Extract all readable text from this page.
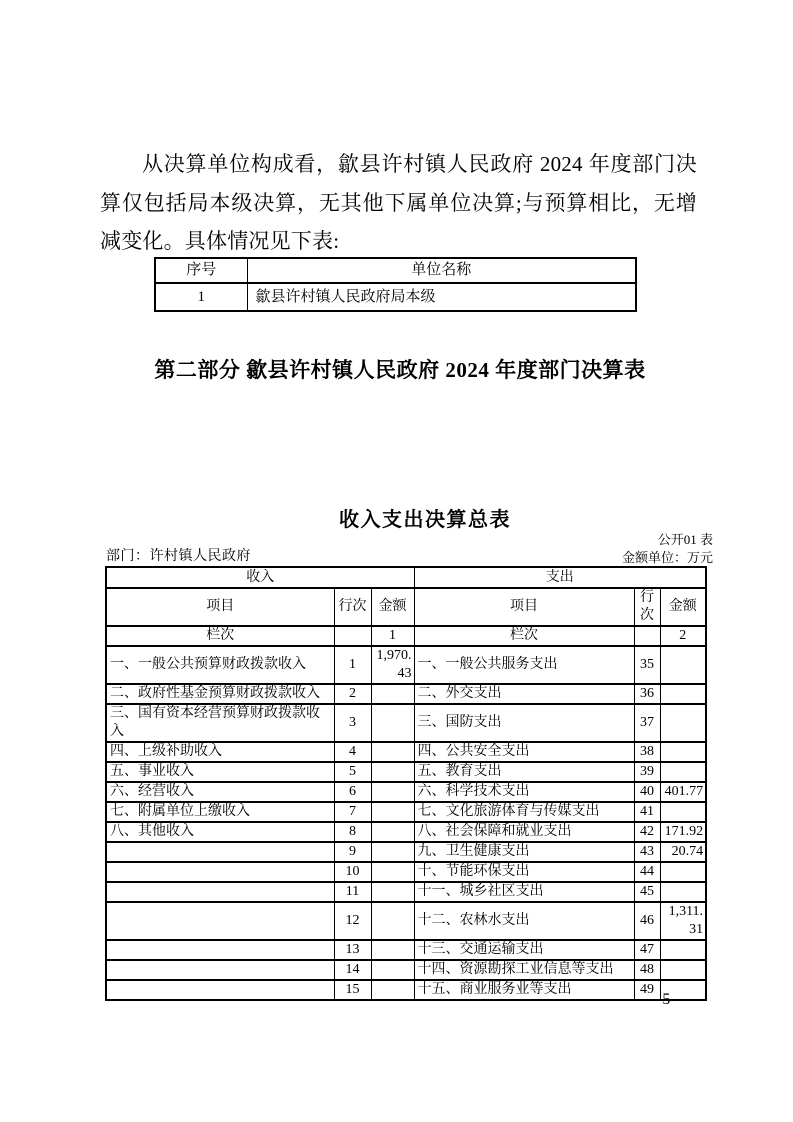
从决算单位构成看，歙县许村镇人民政府 2024 年度部门决算仅包括局本级决算，无其他下属单位决算;与预算相比，无增减变化。具体情况见下表:

序号	单位名称
1	歙县许村镇人民政府局本级
第二部分 歙县许村镇人民政府 2024 年度部门决算表
收入支出决算总表
公开01 表
金额单位：万元
部门：许村镇人民政府
收入			支出		
项目	行次	金额	项目	行次	金额
栏次		1	栏次		2
一、一般公共预算财政拨款收入	1	1,970.43	一、一般公共服务支出	35	
二、政府性基金预算财政拨款收入	2		二、外交支出	36	
三、国有资本经营预算财政拨款收入	3		三、国防支出	37	
四、上级补助收入	4		四、公共安全支出	38	
五、事业收入	5		五、教育支出	39	
六、经营收入	6		六、科学技术支出	40	401.77
七、附属单位上缴收入	7		七、文化旅游体育与传媒支出	41	
八、其他收入	8		八、社会保障和就业支出	42	171.92
	9		九、卫生健康支出	43	20.74
	10		十、节能环保支出	44	
	11		十一、城乡社区支出	45	
	12		十二、农林水支出	46	1,311.31
	13		十三、交通运输支出	47	
	14		十四、资源勘探工业信息等支出	48	
	15		十五、商业服务业等支出	49	
-5-
